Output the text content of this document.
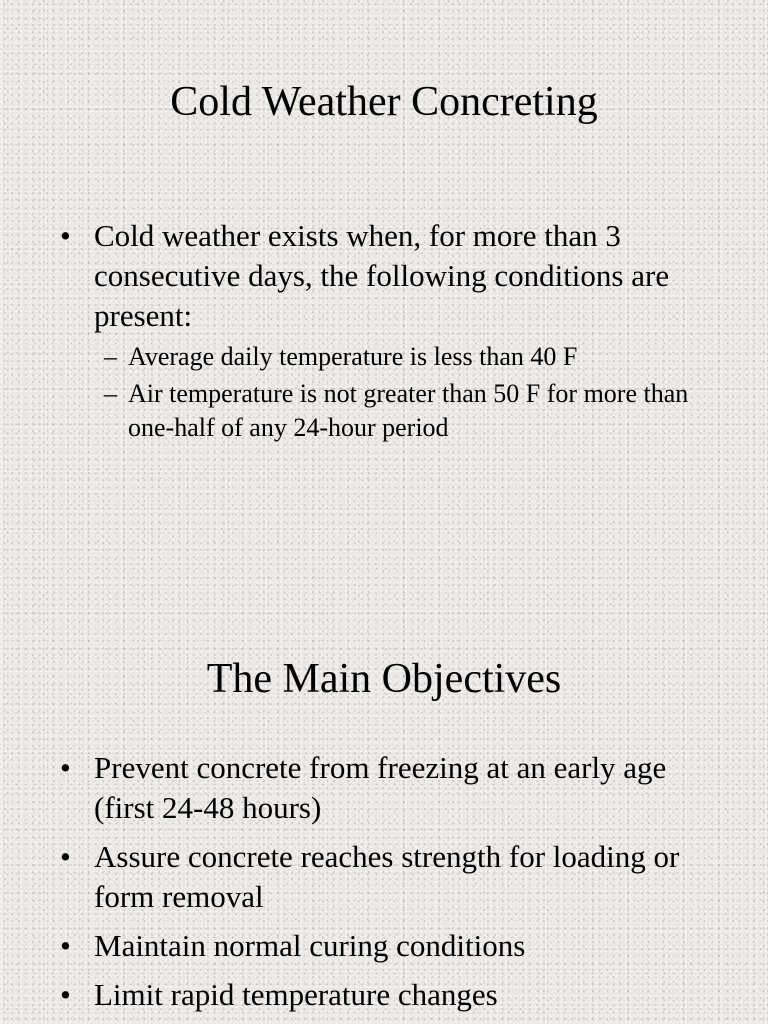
Cold Weather Concreting
• Cold weather exists when, for more than 3 consecutive days, the following conditions are present:
– Average daily temperature is less than 40 F
– Air temperature is not greater than 50 F for more than one-half of any 24-hour period
The Main Objectives
• Prevent concrete from freezing at an early age (first 24-48 hours)
• Assure concrete reaches strength for loading or form removal
• Maintain normal curing conditions
• Limit rapid temperature changes
